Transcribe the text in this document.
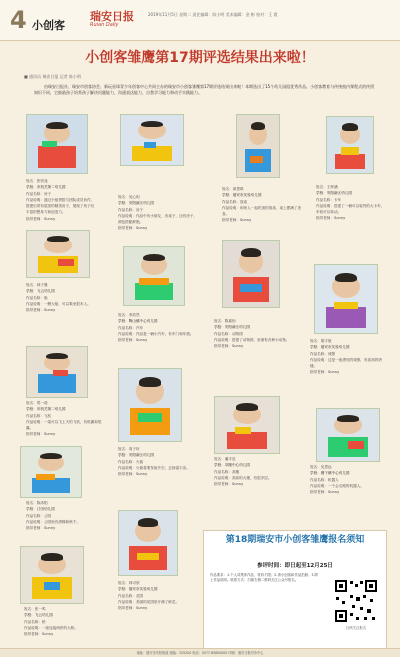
4 小创客
瑞安日报
Ruian Daily
2019年11月5日 星期二 责任编辑：陈小明 美术编辑：金 彬 校对：王 霞
小创客雏鹰第17期评选结果出来啦！
■ 通讯员 瑞安日报 记者 陈小明
由瑞安日报社、瑞安市创客协会、新玩星球青少年创客中心共同主办的瑞安市小创客雏鹰第17期评选结果出来啦！本期选出了15个幼儿园组优秀作品。小创客教育与传统校内课程式的传授知识不同，它鼓励孩子培养孩子解决问题能力，沟通表达能力，自我学习能力和动手实践能力。
姓名：张钧尧
学校：市机关第二幼儿园
作品名称：房子
作品说明：通过小组拼搭与团队成员协作，搭建出带有屋顶的精美房子，展现了孩子们丰富的想象力和创造力。
指导老师：Sunny
姓名：吴心玥
学校：安阳新区幼儿园
作品名称：房子
作品说明：作品中有小朋友、有桌子，还有房子，颜色搭配鲜艳。
指导老师：Sunny
姓名：黄思琪
学校：瑞安市实验幼儿园
作品名称：饭桌
作品说明：和家人一起吃饭的饭桌，桌上摆满了美食。
指导老师：Sunny
姓名：王梓涵
学校：安阳新区幼儿园
作品名称：卡车
作品说明：搭建了一辆可以装货的大卡车，车轮可以转动。
指导老师：Sunny
姓名：林子墨
学校：飞云幼儿园
作品名称：船
作品说明：一艘大船，可以乘坐很多人。
指导老师：Sunny
姓名：李浩然
学校：陶山镇中心幼儿园
作品名称：汽车
作品说明：作品是一辆小汽车，有车门和车窗。
指导老师：Sunny
姓名：陈嘉怡
学校：安阳新区幼儿园
作品名称：动物园
作品说明：搭建了动物园，里面有各种小动物。
指导老师：Sunny
姓名：胡宇航
学校：瑞安市实验幼儿园
作品名称：城堡
作品说明：这是一座漂亮的城堡，有高高的塔楼。
指导老师：Sunny
姓名：郑一诺
学校：市机关第二幼儿园
作品名称：飞机
作品说明：一架可以飞上天的飞机，有机翼和尾翼。
指导老师：Sunny
姓名：周子轩
学校：安阳新区幼儿园
作品名称：火箭
作品说明：火箭将要发射升空，去探索宇宙。
指导老师：Sunny
姓名：潘宇辰
学校：莘塍中心幼儿园
作品名称：高楼
作品说明：高高的大楼，有很多层。
指导老师：Sunny
姓名：吴思远
学校：塘下镇中心幼儿园
作品名称：机器人
作品说明：一个会走路的机器人。
指导老师：Sunny
姓名：陈沐阳
学校：汀田幼儿园
作品名称：公园
作品说明：公园里有滑梯和秋千。
指导老师：Sunny
姓名：林可欣
学校：瑞安市实验幼儿园
作品名称：花园
作品说明：美丽的花园里开满了鲜花。
指导老师：Sunny
姓名：张一鸣
学校：飞云幼儿园
作品名称：桥
作品说明：一座连接两岸的大桥。
指导老师：Sunny
第18期瑞安市小创客雏鹰报名须知
参评时间：即日起至12月25日
作品要求：1.个人或集体作品，材料不限；2.请小创客和作品拍照；3.附上作品说明。联系方式：扫描右侧二维码关注公众号报名。
扫码关注报名
地址：瑞安市安阳街道 邮编：325200 电话：0577-65800000 印刷：瑞安日报印务中心
